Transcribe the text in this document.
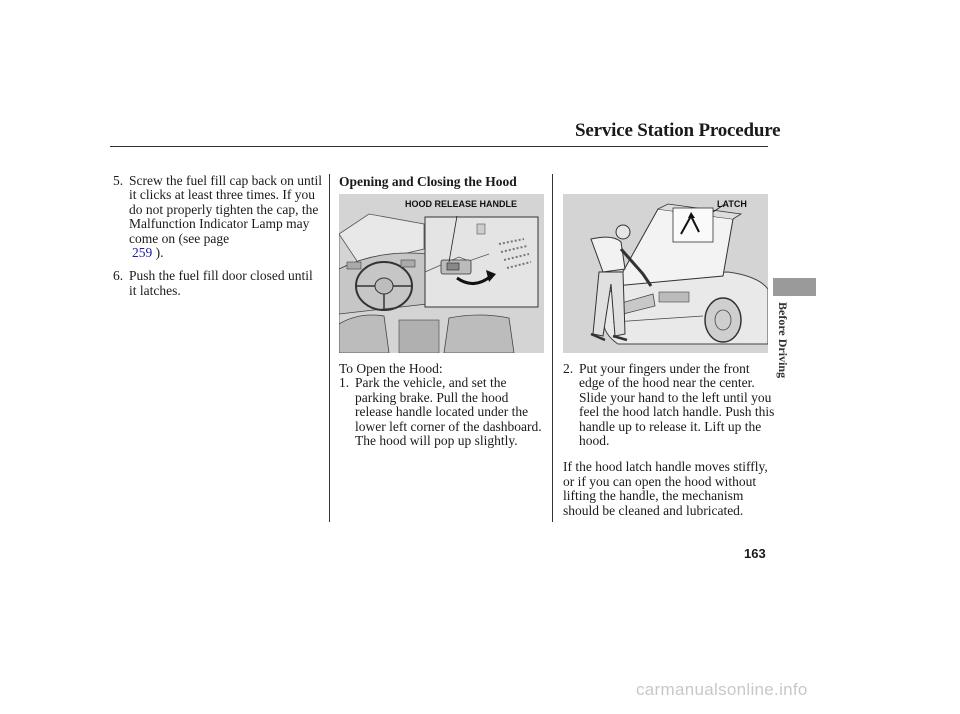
Service Station Procedure
Before Driving
5. Screw the fuel fill cap back on until it clicks at least three times. If you do not properly tighten the cap, the Malfunction Indicator Lamp may come on (see page
259 ).
6. Push the fuel fill door closed until it latches.
Opening and Closing the Hood
HOOD RELEASE HANDLE
To Open the Hood:
1. Park the vehicle, and set the parking brake. Pull the hood release handle located under the lower left corner of the dashboard. The hood will pop up slightly.
LATCH
2. Put your fingers under the front edge of the hood near the center. Slide your hand to the left until you feel the hood latch handle. Push this handle up to release it. Lift up the hood.
If the hood latch handle moves stiffly, or if you can open the hood without lifting the handle, the mechanism should be cleaned and lubricated.
163
carmanualsonline.info
